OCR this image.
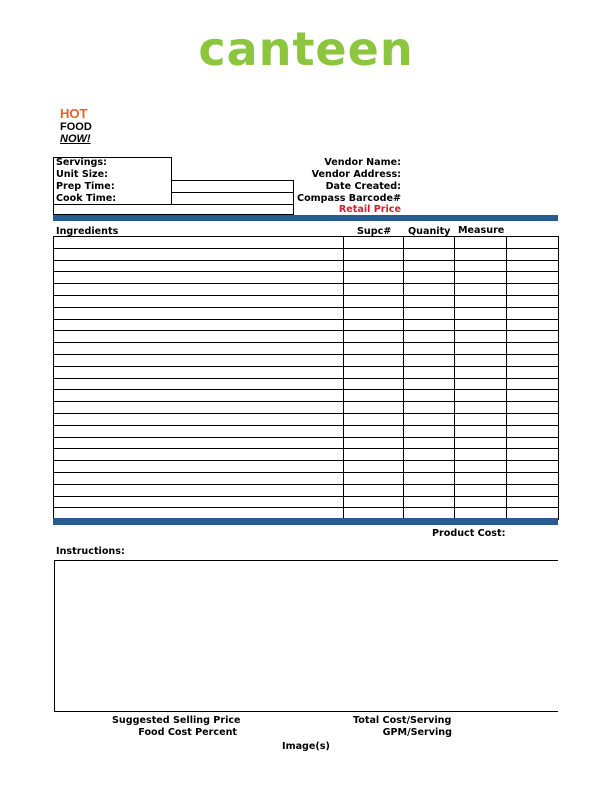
canteen
HOT
FOOD
NOW!
Servings:
Unit Size:
Prep Time:
Cook Time:
Vendor Name:
Vendor Address:
Date Created:
Compass Barcode#
Retail Price
Ingredients	Supc# Quanity Measure

Product Cost:
Instructions:
Suggested Selling Price
Food Cost Percent
Total Cost/Serving
GPM/Serving
Image(s)
